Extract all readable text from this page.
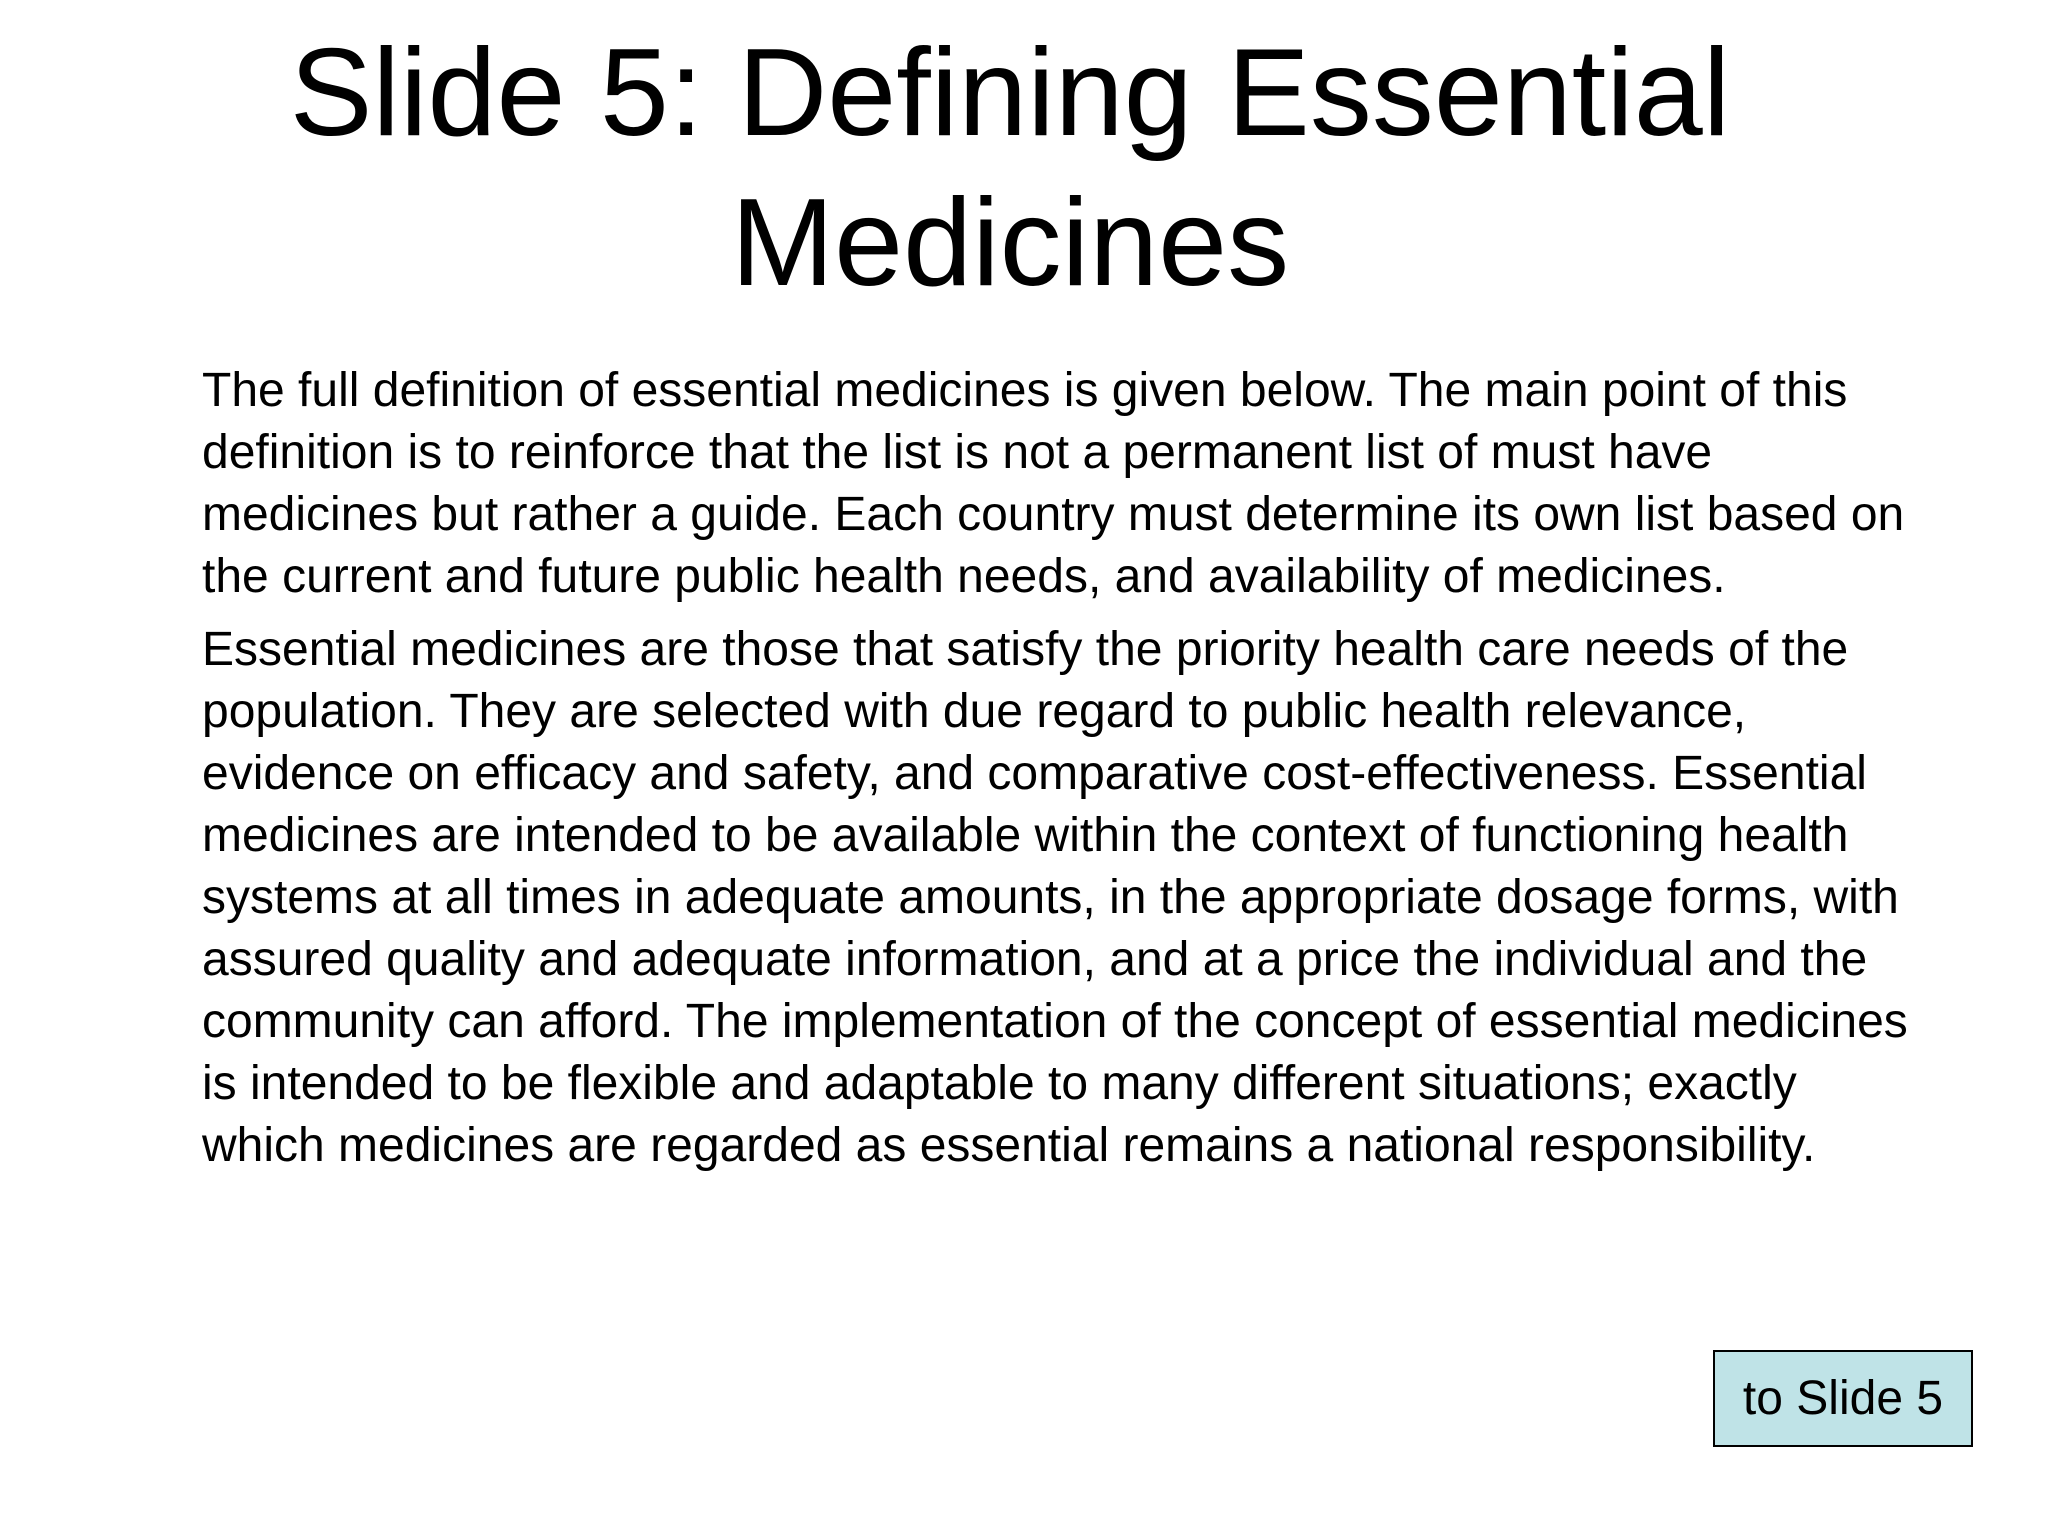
Slide 5: Defining Essential
Medicines

The full definition of essential medicines is given below. The main point of this definition is to reinforce that the list is not a permanent list of must have medicines but rather a guide. Each country must determine its own list based on the current and future public health needs, and availability of medicines.

Essential medicines are those that satisfy the priority health care needs of the population. They are selected with due regard to public health relevance, evidence on efficacy and safety, and comparative cost-effectiveness. Essential medicines are intended to be available within the context of functioning health systems at all times in adequate amounts, in the appropriate dosage forms, with assured quality and adequate information, and at a price the individual and the community can afford. The implementation of the concept of essential medicines is intended to be flexible and adaptable to many different situations; exactly which medicines are regarded as essential remains a national responsibility.

to Slide 5
